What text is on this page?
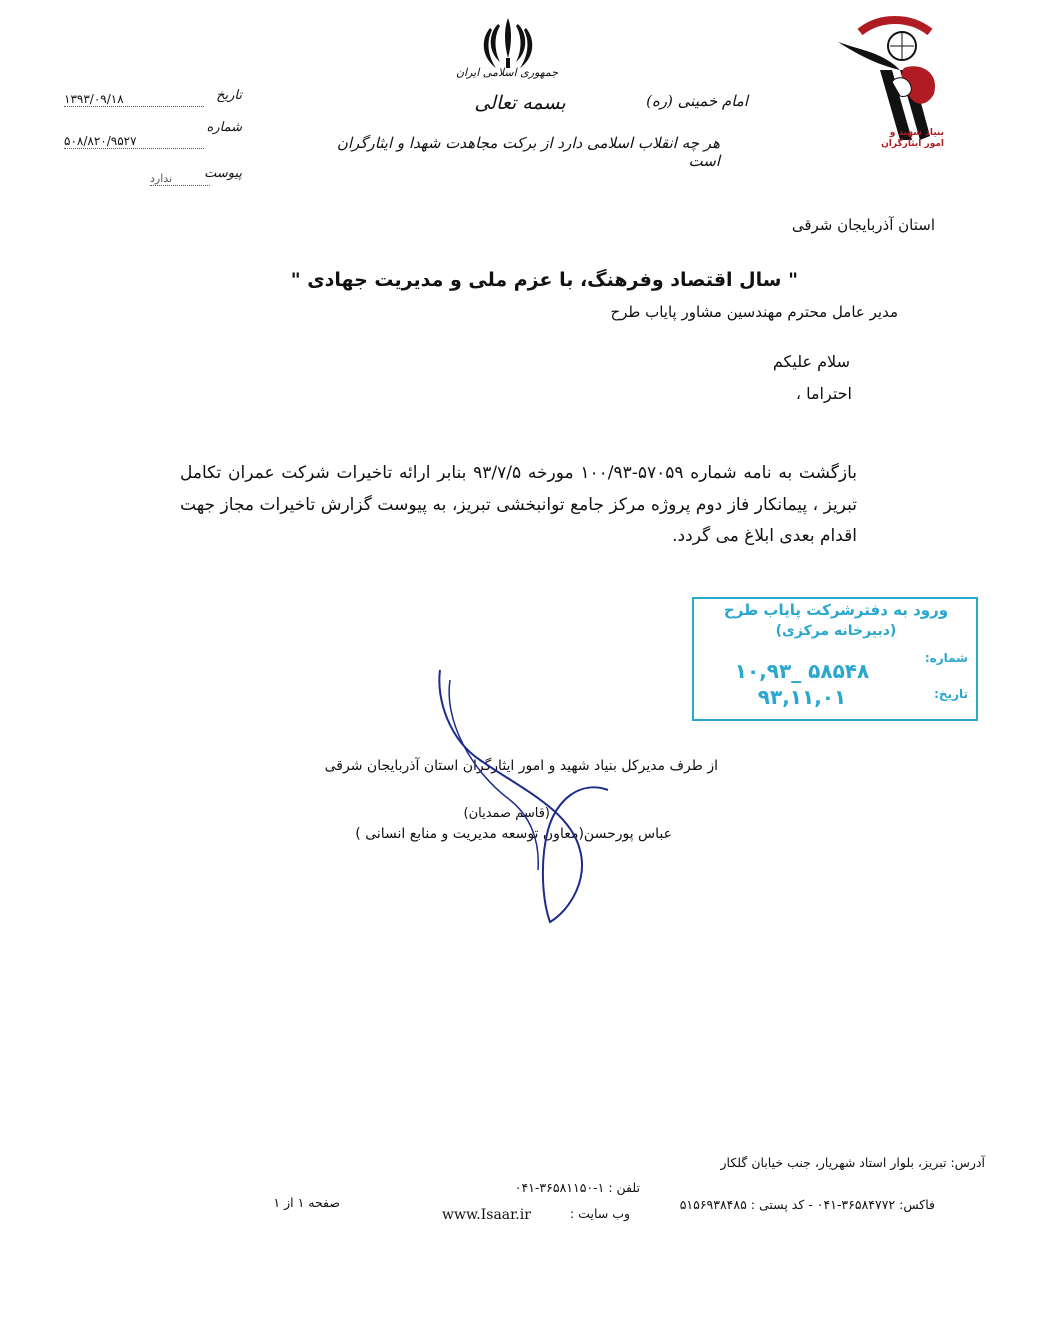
جمهوری اسلامی ایران
بسمه تعالی	امام خمینی (ره)
هر چه انقلاب اسلامی دارد از برکت مجاهدت شهدا و ایثارگران است
بنیاد شهید و امور ایثارگران
تاریخ
۱۳۹۳/۰۹/۱۸
شماره
۵۰۸/۸۲۰/۹۵۲۷
پیوست
ندارد
استان آذربایجان شرقی
" سال اقتصاد وفرهنگ، با عزم ملی و مدیریت جهادی "
مدیر عامل محترم مهندسین مشاور پایاب طرح
سلام علیکم
احتراما ،
بازگشت به نامه شماره ۵۷۰۵۹-۱۰۰/۹۳ مورخه ۹۳/۷/۵ بنابر ارائه تاخیرات شرکت عمران تکامل تبریز ، پیمانکار فاز دوم پروژه مرکز جامع توانبخشی تبریز، به پیوست گزارش تاخیرات مجاز جهت اقدام بعدی ابلاغ می گردد.
ورود به دفترشرکت پایاب طرح
(دبیرخانه مرکزی)
شماره:
۱۰,۹۳_ ۵۸۵۴۸
تاریخ:
۹۳,۱۱,۰۱
از طرف مدیرکل بنیاد شهید و امور ایثارگران استان آذربایجان شرقی
(قاسم صمدیان)
عباس پورحسن(معاون توسعه مدیریت و منابع انسانی )
آدرس: تبریز، بلوار استاد شهریار، جنب خیابان گلکار
تلفن : ۱-۳۶۵۸۱۱۵۰-۰۴۱
فاکس: ۳۶۵۸۴۷۷۲-۰۴۱ - کد پستی : ۵۱۵۶۹۳۸۴۸۵
وب سایت :
www.Isaar.ir
صفحه ۱ از ۱
